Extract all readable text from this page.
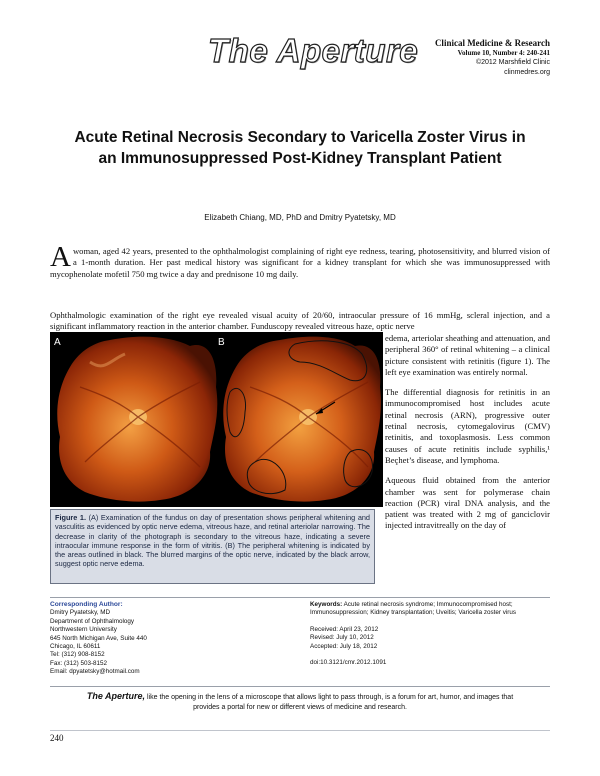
The Aperture	Clinical Medicine & Research
Volume 10, Number 4: 240-241
©2012 Marshfield Clinic
clinmedres.org
Acute Retinal Necrosis Secondary to Varicella Zoster Virus in an Immunosuppressed Post-Kidney Transplant Patient
Elizabeth Chiang, MD, PhD and Dmitry Pyatetsky, MD
A woman, aged 42 years, presented to the ophthalmologist complaining of right eye redness, tearing, photosensitivity, and blurred vision of a 1-month duration. Her past medical history was significant for a kidney transplant for which she was immunosuppressed with mycophenolate mofetil 750 mg twice a day and prednisone 10 mg daily.
Ophthalmologic examination of the right eye revealed visual acuity of 20/60, intraocular pressure of 16 mmHg, scleral injection, and a significant inflammatory reaction in the anterior chamber. Funduscopy revealed vitreous haze, optic nerve
A	B	edema, arteriolar sheathing and attenuation, and peripheral 360° of retinal whitening – a clinical picture consistent with retinitis (figure 1). The left eye examination was entirely normal.

The differential diagnosis for retinitis in an immunocompromised host includes acute retinal necrosis (ARN), progressive outer retinal necrosis, cytomegalovirus (CMV) retinitis, and toxoplasmosis. Less common causes of acute retinitis include syphilis,¹ Beçhet’s disease, and lymphoma.

Aqueous fluid obtained from the anterior chamber was sent for polymerase chain reaction (PCR) viral DNA analysis, and the patient was treated with 2 mg of ganciclovir injected intravitreally on the day of

Figure 1. (A) Examination of the fundus on day of presentation shows peripheral whitening and vasculitis as evidenced by optic nerve edema, vitreous haze, and retinal arteriolar narrowing. The decrease in clarity of the photograph is secondary to the vitreous haze, indicating a severe intraocular immune response in the form of vitritis. (B) The peripheral whitening is indicated by the areas outlined in black. The blurred margins of the optic nerve, indicated by the black arrow, suggest optic nerve edema.
Corresponding Author:
Dmitry Pyatetsky, MD
Department of Ophthalmology
Northwestern University
645 North Michigan Ave, Suite 440
Chicago, IL 60611
Tel: (312) 908-8152
Fax: (312) 503-8152
Email: dpyatetsky@hotmail.com
Keywords: Acute retinal necrosis syndrome; Immunocompromised host; Immunosuppression; Kidney transplantation; Uveitis; Varicella zoster virus
Received: April 23, 2012
Revised: July 10, 2012
Accepted: July 18, 2012
doi:10.3121/cmr.2012.1091
The Aperture, like the opening in the lens of a microscope that allows light to pass through, is a forum for art, humor, and images that provides a portal for new or different views of medicine and research.
240
